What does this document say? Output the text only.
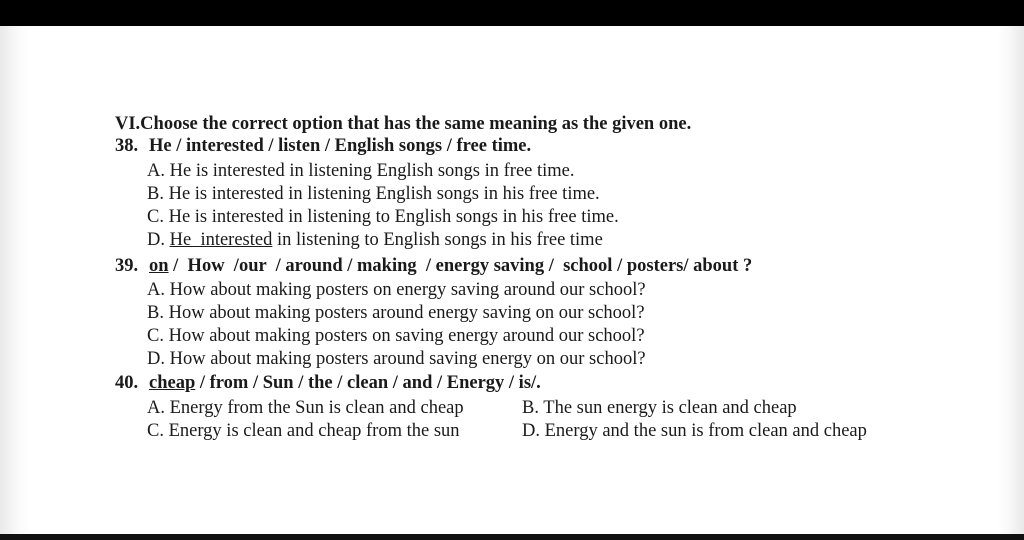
VI.Choose the correct option that has the same meaning as the given one.
38. He / interested / listen / English songs / free time.
A. He is interested in listening English songs in free time.
B. He is interested in listening English songs in his free time.
C. He is interested in listening to English songs in his free time.
D. He  interested in listening to English songs in his free time
39. on /  How  /our  / around / making  / energy saving /  school / posters/ about ?
A. How about making posters on energy saving around our school?
B. How about making posters around energy saving on our school?
C. How about making posters on saving energy around our school?
D. How about making posters around saving energy on our school?
40. cheap / from / Sun / the / clean / and / Energy / is/.
A. Energy from the Sun is clean and cheap	B. The sun energy is clean and cheap
C. Energy is clean and cheap from the sun	D. Energy and the sun is from clean and cheap
